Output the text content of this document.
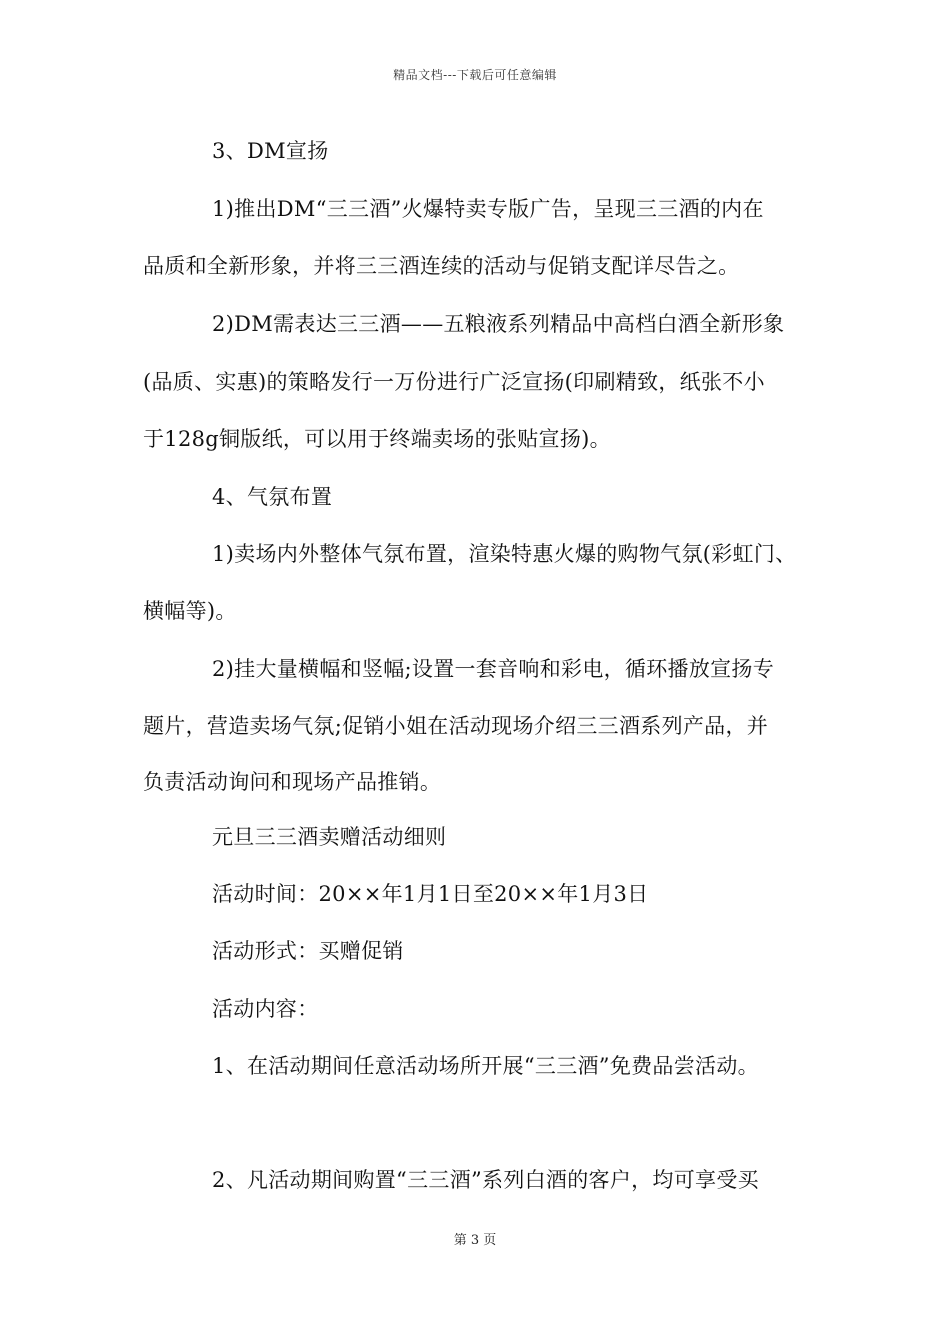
精品文档---下载后可任意编辑
3、DM宣扬
1)推出DM“三三酒”火爆特卖专版广告，呈现三三酒的内在
品质和全新形象，并将三三酒连续的活动与促销支配详尽告之。
2)DM需表达三三酒——五粮液系列精品中高档白酒全新形象
(品质、实惠)的策略发行一万份进行广泛宣扬(印刷精致，纸张不小
于128g铜版纸，可以用于终端卖场的张贴宣扬)。
4、气氛布置
1)卖场内外整体气氛布置，渲染特惠火爆的购物气氛(彩虹门、
横幅等)。
2)挂大量横幅和竖幅;设置一套音响和彩电，循环播放宣扬专
题片，营造卖场气氛;促销小姐在活动现场介绍三三酒系列产品，并
负责活动询问和现场产品推销。
元旦三三酒卖赠活动细则
活动时间：20××年1月1日至20××年1月3日
活动形式：买赠促销
活动内容：
1、在活动期间任意活动场所开展“三三酒”免费品尝活动。
2、凡活动期间购置“三三酒”系列白酒的客户，均可享受买
第 3 页
